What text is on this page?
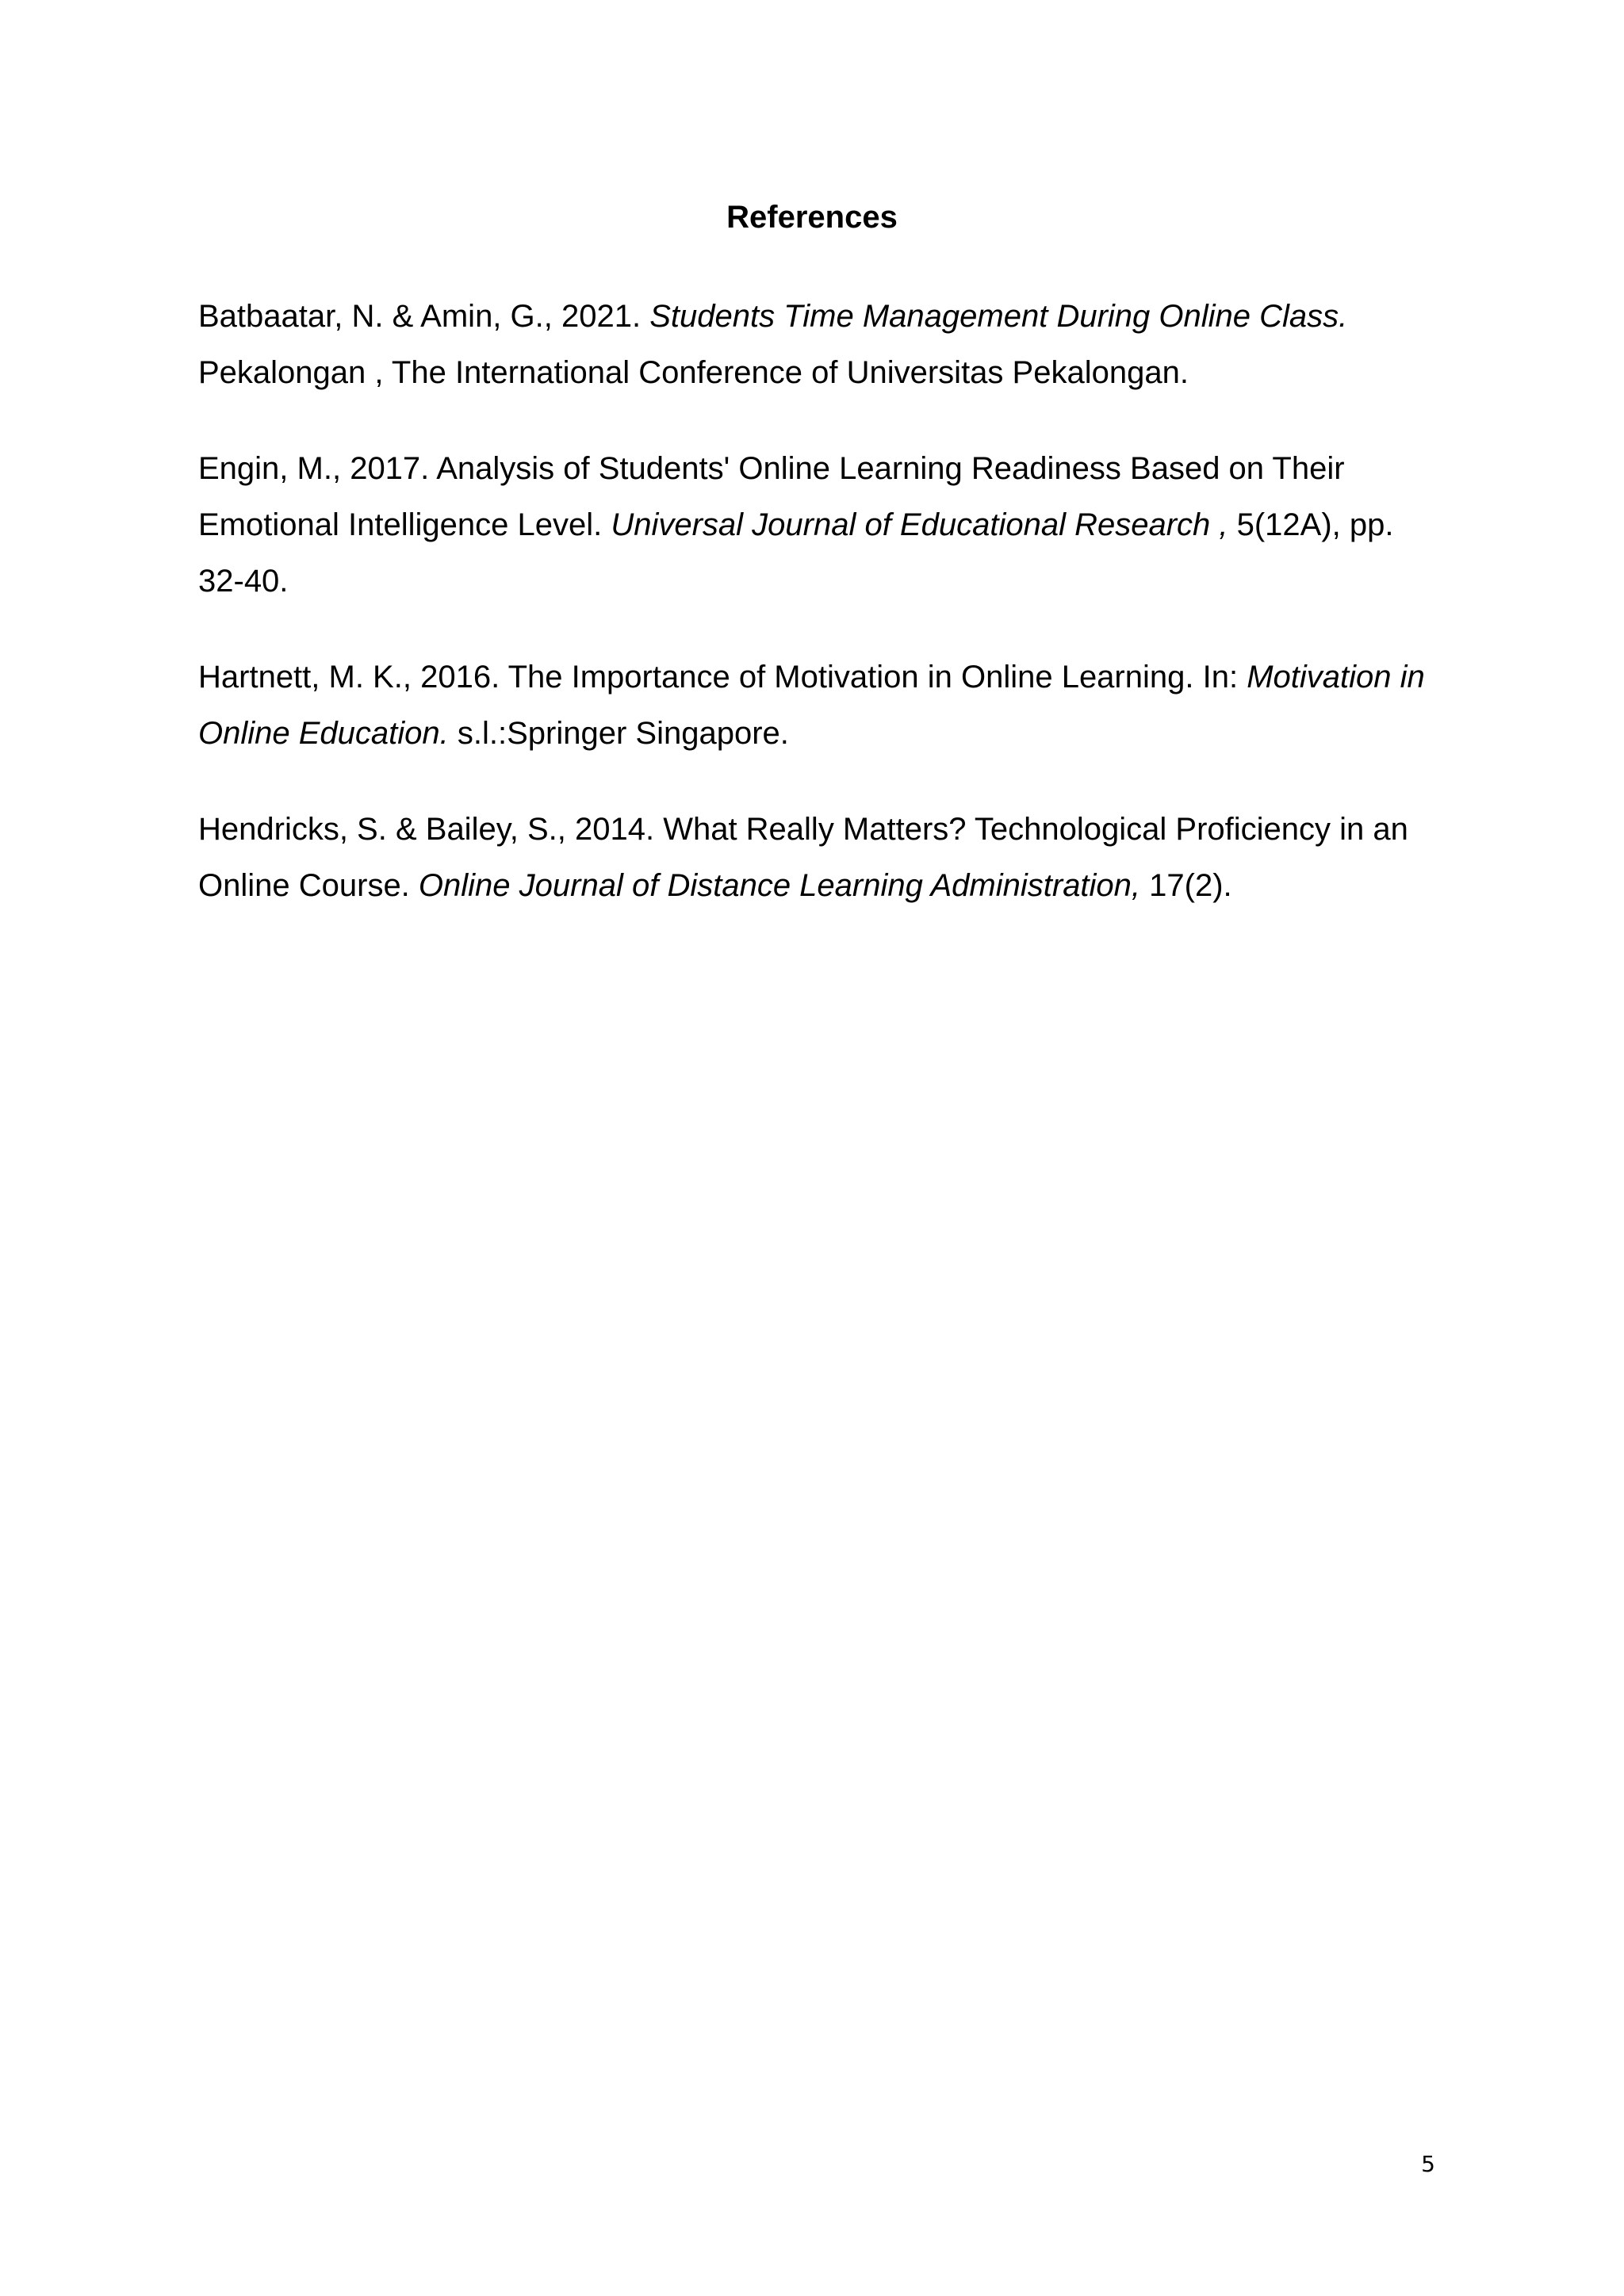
References

Batbaatar, N. & Amin, G., 2021. Students Time Management During Online Class. Pekalongan , The International Conference of Universitas Pekalongan.

Engin, M., 2017. Analysis of Students' Online Learning Readiness Based on Their Emotional Intelligence Level. Universal Journal of Educational Research , 5(12A), pp. 32-40.

Hartnett, M. K., 2016. The Importance of Motivation in Online Learning. In: Motivation in Online Education. s.l.:Springer Singapore.

Hendricks, S. & Bailey, S., 2014. What Really Matters? Technological Proficiency in an Online Course. Online Journal of Distance Learning Administration, 17(2).

5
